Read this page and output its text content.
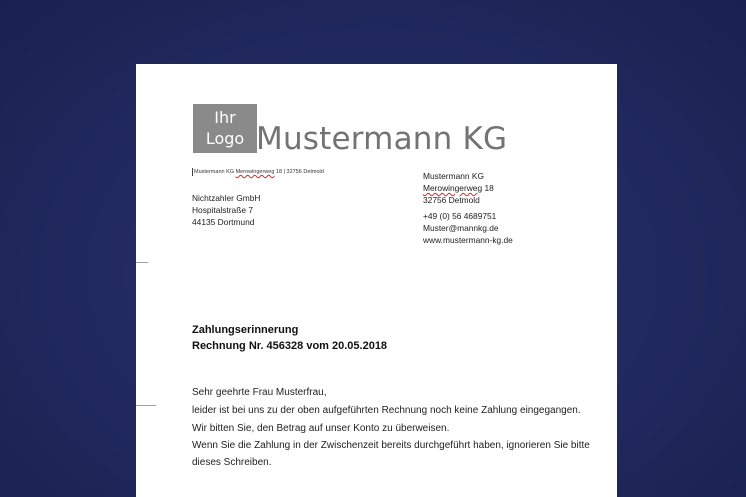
Ihr
Logo Mustermann KG
Mustermann KG Merowingerweg 18 | 32756 Detmold
Nichtzahler GmbH
Hospitalstraße 7
44135 Dortmund
Mustermann KG
Merowingerweg 18
32756 Detmold
+49 (0) 56 4689751
Muster@mannkg.de
www.mustermann-kg.de
Zahlungserinnerung
Rechnung Nr. 456328 vom 20.05.2018

Sehr geehrte Frau Musterfrau,

leider ist bei uns zu der oben aufgeführten Rechnung noch keine Zahlung eingegangen.

Wir bitten Sie, den Betrag auf unser Konto zu überweisen.

Wenn Sie die Zahlung in der Zwischenzeit bereits durchgeführt haben, ignorieren Sie bitte

dieses Schreiben.
